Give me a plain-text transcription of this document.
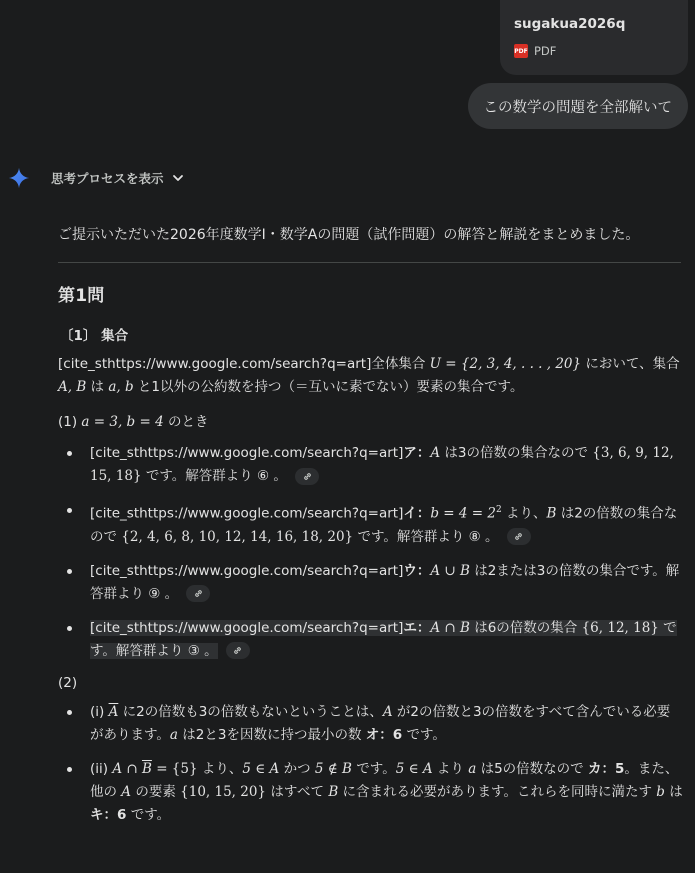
sugakua2026q
PDF PDF
この数学の問題を全部解いて
思考プロセスを表示

ご提示いただいた2026年度数学Ⅰ・数学Aの問題（試作問題）の解答と解説をまとめました。

第1問
〔1〕 集合

[cite_sthttps://www.google.com/search?q=art]全体集合 U = {2, 3, 4, . . . , 20} において、集合 A, B は a, b と1以外の公約数を持つ（＝互いに素でない）要素の集合です。

(1) a = 3, b = 4 のとき

[cite_sthttps://www.google.com/search?q=art]ア：A は3の倍数の集合なので {3, 6, 9, 12, 15, 18} です。解答群より ⑥ 。
[cite_sthttps://www.google.com/search?q=art]イ：$b = 4 = 2^2$ より、B は2の倍数の集合なので {2, 4, 6, 8, 10, 12, 14, 16, 18, 20} です。解答群より ⑧ 。
[cite_sthttps://www.google.com/search?q=art]ウ：A ∪ B は2または3の倍数の集合です。解答群より ⑨ 。
[cite_sthttps://www.google.com/search?q=art]エ：A ∩ B は6の倍数の集合 {6, 12, 18} です。解答群より ③ 。

(2)

(i) $\overline{A}$ に2の倍数も3の倍数もないということは、A が2の倍数と3の倍数をすべて含んでいる必要があります。a は2と3を因数に持つ最小の数 オ：6 です。
(ii) A ∩ $\overline{B} = \{5\}$ より、5 ∈ A かつ 5 ∉ B です。5 ∈ A より a は5の倍数なので カ：5。また、他の A の要素 {10, 15, 20} はすべて B に含まれる必要があります。これらを同時に満たす b は キ：6 です。
